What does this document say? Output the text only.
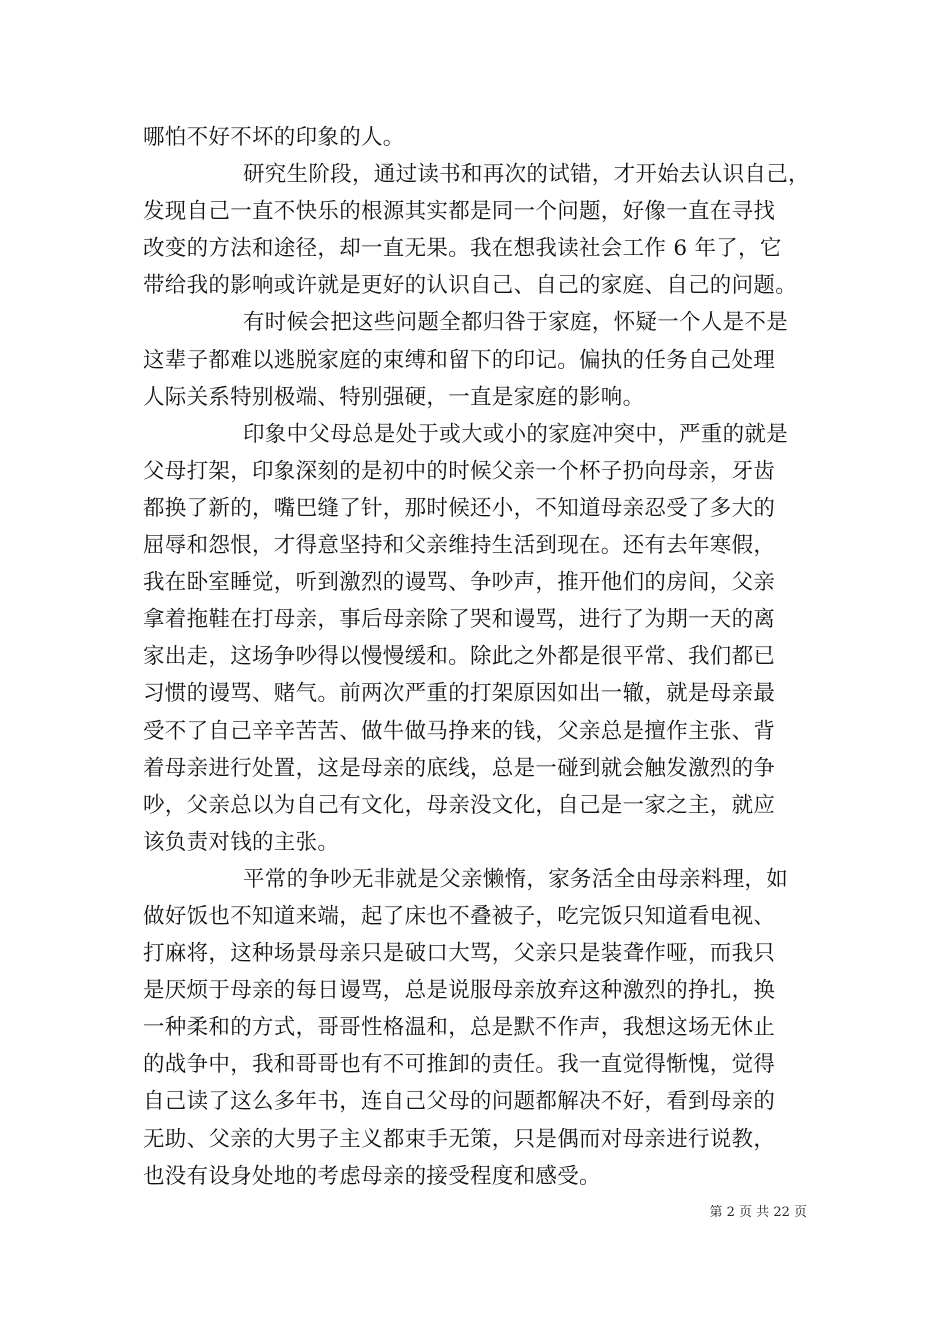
哪怕不好不坏的印象的人。
研究生阶段，通过读书和再次的试错，才开始去认识自己，
发现自己一直不快乐的根源其实都是同一个问题，好像一直在寻找
改变的方法和途径，却一直无果。我在想我读社会工作 6 年了，它
带给我的影响或许就是更好的认识自己、自己的家庭、自己的问题。
有时候会把这些问题全都归咎于家庭，怀疑一个人是不是
这辈子都难以逃脱家庭的束缚和留下的印记。偏执的任务自己处理
人际关系特别极端、特别强硬，一直是家庭的影响。
印象中父母总是处于或大或小的家庭冲突中，严重的就是
父母打架，印象深刻的是初中的时候父亲一个杯子扔向母亲，牙齿
都换了新的，嘴巴缝了针，那时候还小，不知道母亲忍受了多大的
屈辱和怨恨，才得意坚持和父亲维持生活到现在。还有去年寒假，
我在卧室睡觉，听到激烈的谩骂、争吵声，推开他们的房间，父亲
拿着拖鞋在打母亲，事后母亲除了哭和谩骂，进行了为期一天的离
家出走，这场争吵得以慢慢缓和。除此之外都是很平常、我们都已
习惯的谩骂、赌气。前两次严重的打架原因如出一辙，就是母亲最
受不了自己辛辛苦苦、做牛做马挣来的钱，父亲总是擅作主张、背
着母亲进行处置，这是母亲的底线，总是一碰到就会触发激烈的争
吵，父亲总以为自己有文化，母亲没文化，自己是一家之主，就应
该负责对钱的主张。
平常的争吵无非就是父亲懒惰，家务活全由母亲料理，如
做好饭也不知道来端，起了床也不叠被子，吃完饭只知道看电视、
打麻将，这种场景母亲只是破口大骂，父亲只是装聋作哑，而我只
是厌烦于母亲的每日谩骂，总是说服母亲放弃这种激烈的挣扎，换
一种柔和的方式，哥哥性格温和，总是默不作声，我想这场无休止
的战争中，我和哥哥也有不可推卸的责任。我一直觉得惭愧，觉得
自己读了这么多年书，连自己父母的问题都解决不好，看到母亲的
无助、父亲的大男子主义都束手无策，只是偶而对母亲进行说教，
也没有设身处地的考虑母亲的接受程度和感受。
第 2 页 共 22 页
